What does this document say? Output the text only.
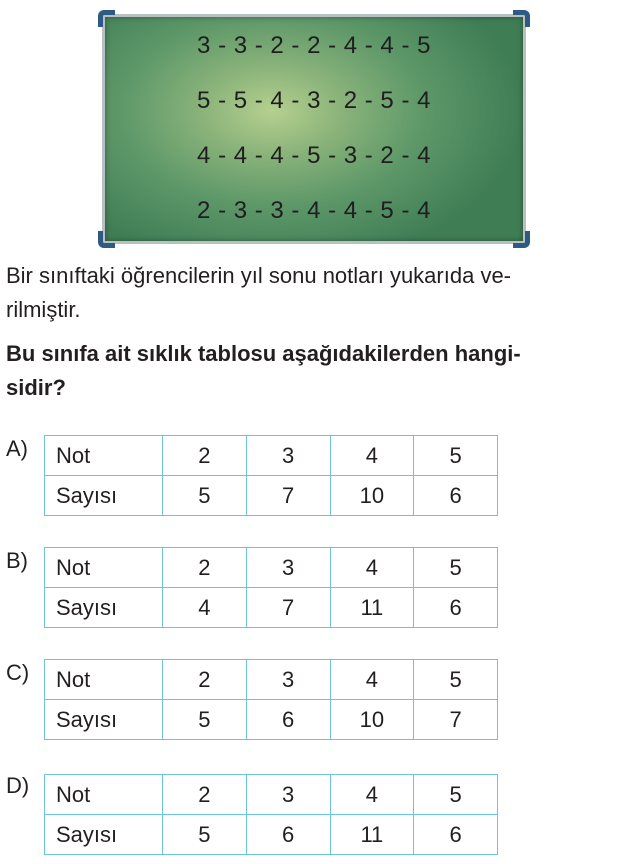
3 - 3 - 2 - 2 - 4 - 4 - 5
5 - 5 - 4 - 3 - 2 - 5 - 4
4 - 4 - 4 - 5 - 3 - 2 - 4
2 - 3 - 3 - 4 - 4 - 5 - 4
Bir sınıftaki öğrencilerin yıl sonu notları yukarıda ve-
rilmiştir.
Bu sınıfa ait sıklık tablosu aşağıdakilerden hangi-
sidir?
A) Not	2	3	4	5
Sayısı	5	7	10	6
B) Not	2	3	4	5
Sayısı	4	7	11	6
C) Not	2	3	4	5
Sayısı	5	6	10	7
D) Not	2	3	4	5
Sayısı	5	6	11	6
